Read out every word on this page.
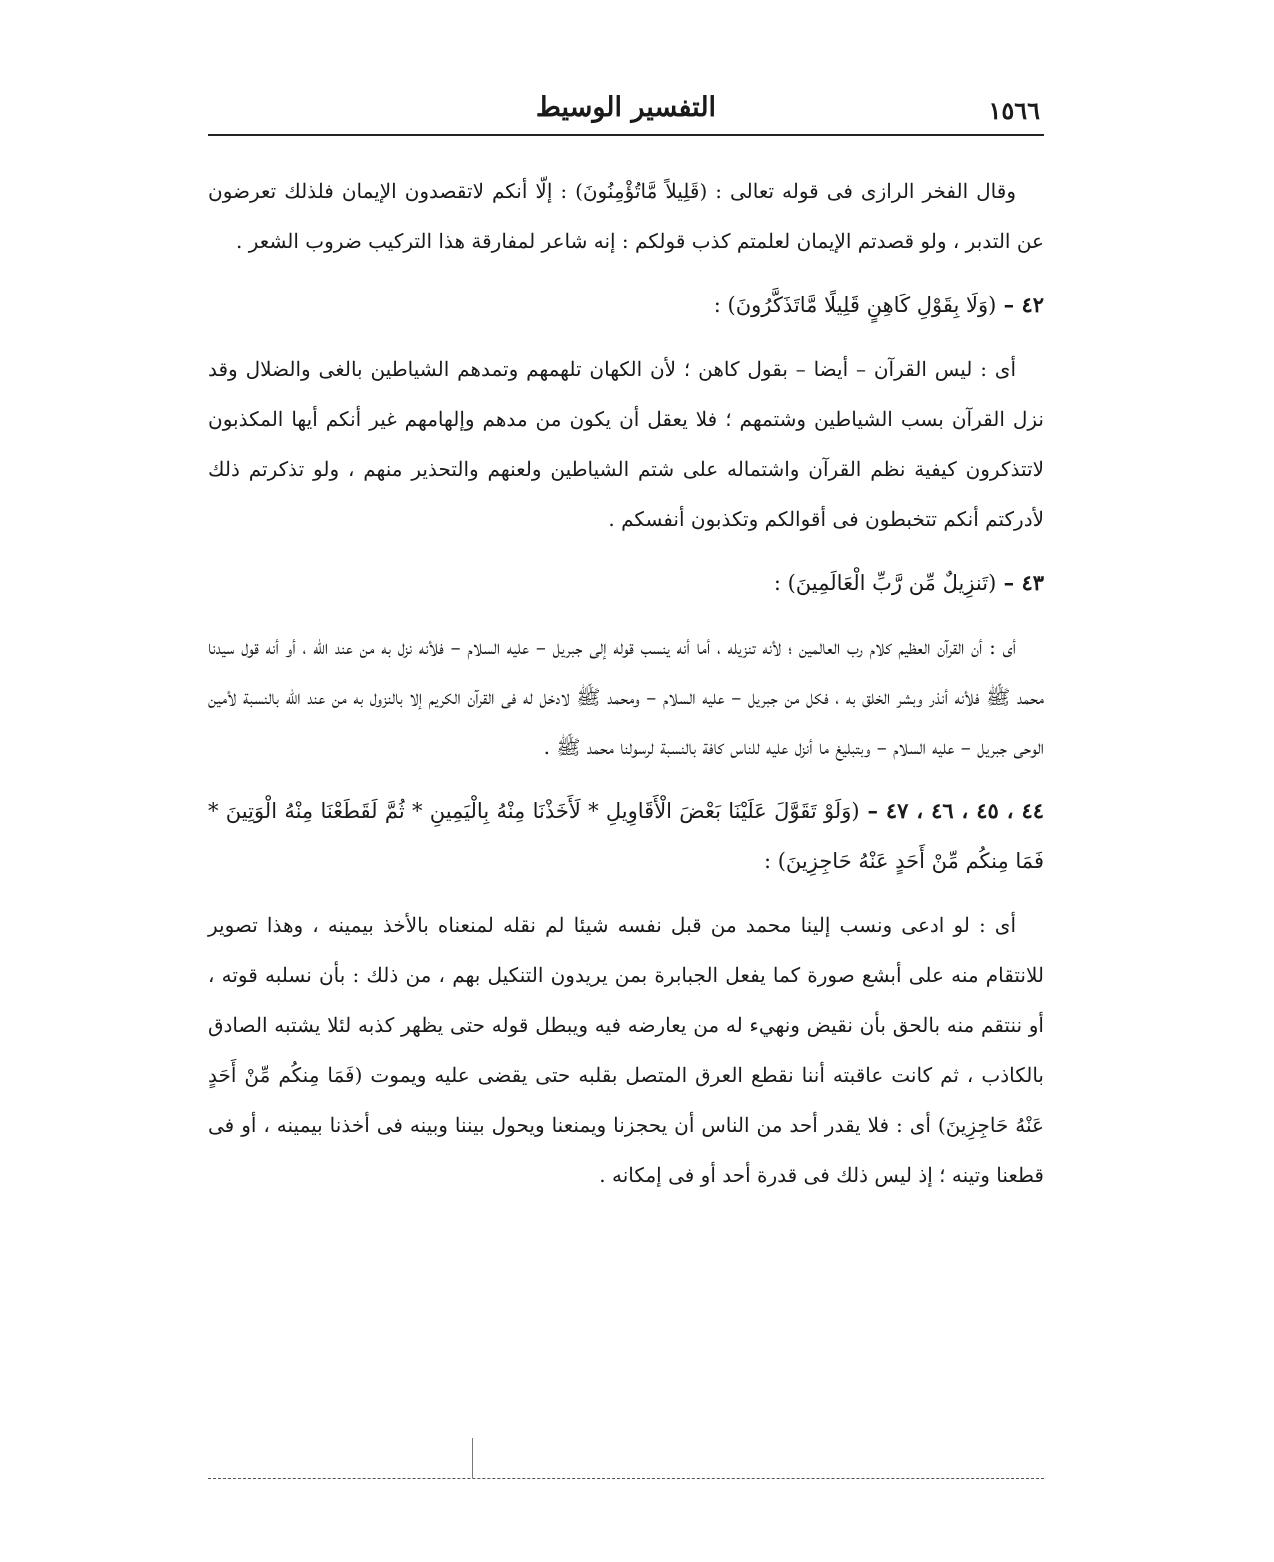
١٥٦٦
التفسير الوسيط

وقال الفخر الرازى فى قوله تعالى : (قَلِيلاً مَّاتُؤْمِنُونَ) : إلّا أنكم لاتقصدون الإيمان فلذلك تعرضون عن التدبر ، ولو قصدتم الإيمان لعلمتم كذب قولكم : إنه شاعر لمفارقة هذا التركيب ضروب الشعر .

٤٢ – (وَلَا بِقَوْلِ كَاهِنٍ قَلِيلًا مَّاتَذَكَّرُونَ) :

أى : ليس القرآن – أيضا – بقول كاهن ؛ لأن الكهان تلهمهم وتمدهم الشياطين بالغى والضلال وقد نزل القرآن بسب الشياطين وشتمهم ؛ فلا يعقل أن يكون من مدهم وإلهامهم غير أنكم أيها المكذبون لاتتذكرون كيفية نظم القرآن واشتماله على شتم الشياطين ولعنهم والتحذير منهم ، ولو تذكرتم ذلك لأدركتم أنكم تتخبطون فى أقوالكم وتكذبون أنفسكم .

٤٣ – (تَنزِيلٌ مِّن رَّبِّ الْعَالَمِينَ) :

أى : أن القرآن العظيم كلام رب العالمين ؛ لأنه تنزيله ، أما أنه ينسب قوله إلى جبريل – عليه السلام – فلأنه نزل به من عند الله ، أو أنه قول سيدنا محمد ﷺ فلأنه أنذر وبشر الخلق به ، فكل من جبريل – عليه السلام – ومحمد ﷺ لادخل له فى القرآن الكريم إلا بالنزول به من عند الله بالنسبة لأمين الوحى جبريل – عليه السلام – وبتبليغ ما أنزل عليه للناس كافة بالنسبة لرسولنا محمد ﷺ .

٤٤ ، ٤٥ ، ٤٦ ، ٤٧ – (وَلَوْ تَقَوَّلَ عَلَيْنَا بَعْضَ الْأَقَاوِيلِ * لَأَخَذْنَا مِنْهُ بِالْيَمِينِ * ثُمَّ لَقَطَعْنَا مِنْهُ الْوَتِينَ * فَمَا مِنكُم مِّنْ أَحَدٍ عَنْهُ حَاجِزِينَ) :

أى : لو ادعى ونسب إلينا محمد من قبل نفسه شيئا لم نقله لمنعناه بالأخذ بيمينه ، وهذا تصوير للانتقام منه على أبشع صورة كما يفعل الجبابرة بمن يريدون التنكيل بهم ، من ذلك : بأن نسلبه قوته ، أو ننتقم منه بالحق بأن نقيض ونهيء له من يعارضه فيه ويبطل قوله حتى يظهر كذبه لئلا يشتبه الصادق بالكاذب ، ثم كانت عاقبته أننا نقطع العرق المتصل بقلبه حتى يقضى عليه ويموت (فَمَا مِنكُم مِّنْ أَحَدٍ عَنْهُ حَاجِزِينَ) أى : فلا يقدر أحد من الناس أن يحجزنا ويمنعنا ويحول بيننا وبينه فى أخذنا بيمينه ، أو فى قطعنا وتينه ؛ إذ ليس ذلك فى قدرة أحد أو فى إمكانه .
